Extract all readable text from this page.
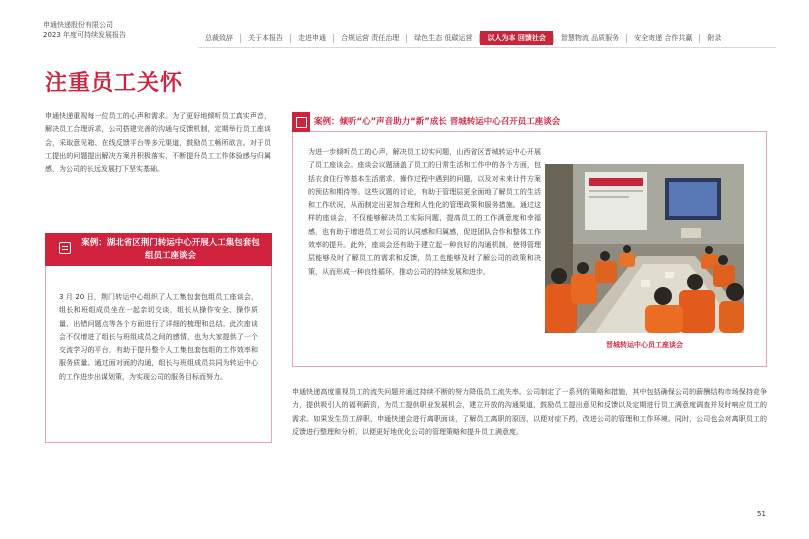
申通快递股份有限公司
2023 年度可持续发展报告	总裁致辞	关于本报告	走进申通	合规运营 责任治理	绿色生态 低碳运营	以人为本 回馈社会	智慧物流 品质服务	安全寄递 合作共赢	附录
注重员工关怀

申通快递重视每一位员工的心声和需求。为了更好地倾听员工真实声音，解决员工合理诉求，公司搭建完善的沟通与反馈机制，定期举行员工座谈会，采取意见箱、在线反馈平台等多元渠道，鼓励员工畅所欲言。对于员工提出的问题提出解决方案并积极落实，不断提升员工工作体验感与归属感，为公司的长远发展打下坚实基础。

案例：湖北省区荆门转运中心开展人工集包套包组员工座谈会

3 月 20 日，荆门转运中心组织了人工集包套包组员工座谈会，组长和班组成员坐在一起亲切交谈，组长从操作安全、操作质量、出错问题点等各个方面进行了详细的梳理和总结。此次座谈会不仅增进了组长与班组成员之间的感情，也为大家提供了一个交流学习的平台，有助于提升整个人工集包套包组的工作效率和服务质量。通过面对面的沟通，组长与班组成员共同为转运中心的工作进步出谋划策，为实现公司的服务目标而努力。

案例：倾听“心”声音助力“新”成长 晋城转运中心召开员工座谈会

为进一步倾听员工的心声，解决员工切实问题，山西省区晋城转运中心开展了员工座谈会。座谈会议题涵盖了员工的日常生活和工作中的各个方面，包括衣食住行等基本生活需求，操作过程中遇到的问题，以及对未来计件方案的预估和期待等。这些议题的讨论，有助于管理层更全面地了解员工的生活和工作状况，从而制定出更加合理和人性化的管理政策和服务措施。通过这样的座谈会，不仅能够解决员工实际问题，提高员工的工作满意度和幸福感，也有助于增进员工对公司的认同感和归属感，促进团队合作和整体工作效率的提升。此外，座谈会还有助于建立起一种良好的沟通机制，使得管理层能够及时了解员工的需求和反馈，员工也能够及时了解公司的政策和决策，从而形成一种良性循环，推动公司的持续发展和进步。

晋城转运中心员工座谈会

申通快递高度重视员工的流失问题并通过持续不断的努力降低员工流失率。公司制定了一系列的策略和措施，其中包括确保公司的薪酬结构市场保持竞争力，提供吸引人的福利薪资，为员工提供职业发展机会，建立开放的沟通渠道，鼓励员工提出意见和反馈以及定期进行员工满意度调查并及时响应员工的需求。如果发生员工辞职，申通快递会进行离职面谈，了解员工离职的原因，以便对症下药，改进公司的管理和工作环境。同时，公司也会对离职员工的反馈进行整理和分析，以便更好地优化公司的管理策略和提升员工满意度。

51
